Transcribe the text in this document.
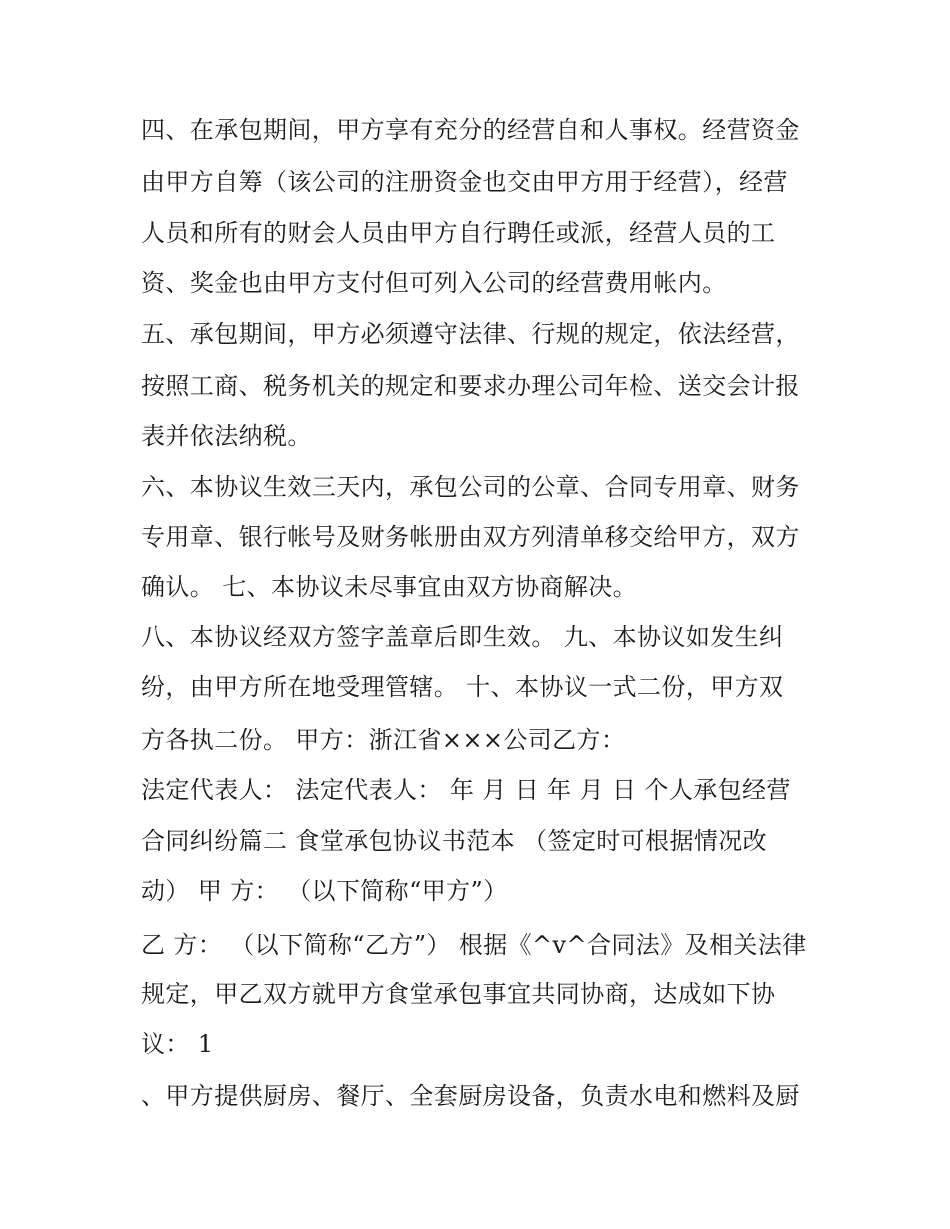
四、在承包期间，甲方享有充分的经营自和人事权。经营资金
由甲方自筹（该公司的注册资金也交由甲方用于经营），经营
人员和所有的财会人员由甲方自行聘任或派，经营人员的工
资、奖金也由甲方支付但可列入公司的经营费用帐内。
五、承包期间，甲方必须遵守法律、行规的规定，依法经营，
按照工商、税务机关的规定和要求办理公司年检、送交会计报
表并依法纳税。
六、本协议生效三天内，承包公司的公章、合同专用章、财务
专用章、银行帐号及财务帐册由双方列清单移交给甲方，双方
确认。 七、本协议未尽事宜由双方协商解决。
八、本协议经双方签字盖章后即生效。 九、本协议如发生纠
纷，由甲方所在地受理管辖。 十、本协议一式二份，甲方双
方各执二份。 甲方：浙江省×××公司乙方：
法定代表人： 法定代表人： 年 月 日 年 月 日 个人承包经营
合同纠纷篇二 食堂承包协议书范本 （签定时可根据情况改
动） 甲 方： （以下简称“甲方”）
乙 方： （以下简称“乙方”） 根据《^v^合同法》及相关法律
规定，甲乙双方就甲方食堂承包事宜共同协商，达成如下协
议： 1
、甲方提供厨房、餐厅、全套厨房设备，负责水电和燃料及厨
